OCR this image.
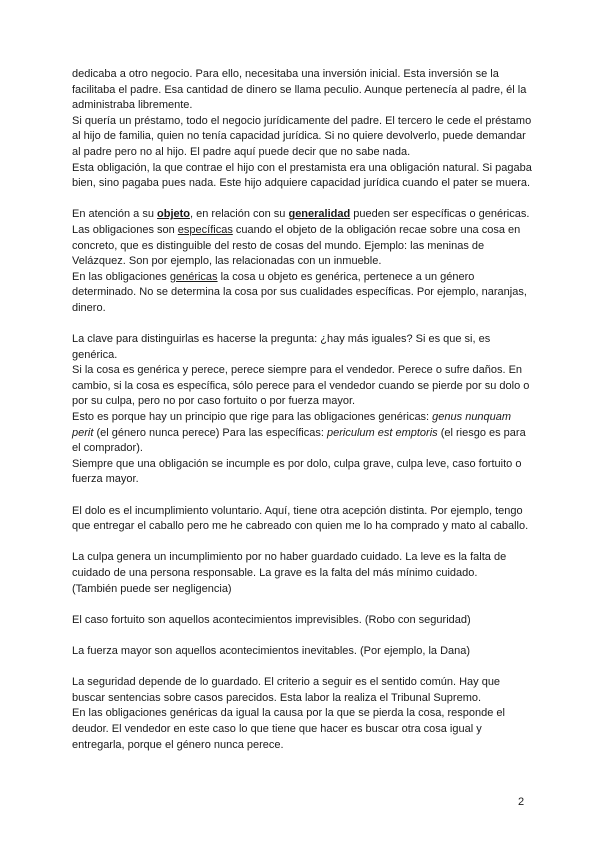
dedicaba a otro negocio. Para ello, necesitaba una inversión inicial. Esta inversión se la facilitaba el padre. Esa cantidad de dinero se llama peculio. Aunque pertenecía al padre, él la administraba libremente.

Si quería un préstamo, todo el negocio jurídicamente del padre. El tercero le cede el préstamo al hijo de familia, quien no tenía capacidad jurídica. Si no quiere devolverlo, puede demandar al padre pero no al hijo. El padre aquí puede decir que no sabe nada.

Esta obligación, la que contrae el hijo con el prestamista era una obligación natural. Si pagaba bien, sino pagaba pues nada. Este hijo adquiere capacidad jurídica cuando el pater se muera.

En atención a su objeto, en relación con su generalidad pueden ser específicas o genéricas.

Las obligaciones son específicas cuando el objeto de la obligación recae sobre una cosa en concreto, que es distinguible del resto de cosas del mundo. Ejemplo: las meninas de Velázquez. Son por ejemplo, las relacionadas con un inmueble.

En las obligaciones genéricas la cosa u objeto es genérica, pertenece a un género determinado. No se determina la cosa por sus cualidades específicas. Por ejemplo, naranjas, dinero.

La clave para distinguirlas es hacerse la pregunta: ¿hay más iguales? Si es que si, es genérica.

Si la cosa es genérica y perece, perece siempre para el vendedor. Perece o sufre daños. En cambio, si la cosa es específica, sólo perece para el vendedor cuando se pierde por su dolo o por su culpa, pero no por caso fortuito o por fuerza mayor.

Esto es porque hay un principio que rige para las obligaciones genéricas: genus nunquam perit (el género nunca perece) Para las específicas: periculum est emptoris (el riesgo es para el comprador).

Siempre que una obligación se incumple es por dolo, culpa grave, culpa leve, caso fortuito o fuerza mayor.

El dolo es el incumplimiento voluntario. Aquí, tiene otra acepción distinta. Por ejemplo, tengo que entregar el caballo pero me he cabreado con quien me lo ha comprado y mato al caballo.

La culpa genera un incumplimiento por no haber guardado cuidado. La leve es la falta de cuidado de una persona responsable. La grave es la falta del más mínimo cuidado.

(También puede ser negligencia)

El caso fortuito son aquellos acontecimientos imprevisibles. (Robo con seguridad)

La fuerza mayor son aquellos acontecimientos inevitables. (Por ejemplo, la Dana)

La seguridad depende de lo guardado. El criterio a seguir es el sentido común. Hay que buscar sentencias sobre casos parecidos. Esta labor la realiza el Tribunal Supremo.

En las obligaciones genéricas da igual la causa por la que se pierda la cosa, responde el deudor. El vendedor en este caso lo que tiene que hacer es buscar otra cosa igual y entregarla, porque el género nunca perece.

2
